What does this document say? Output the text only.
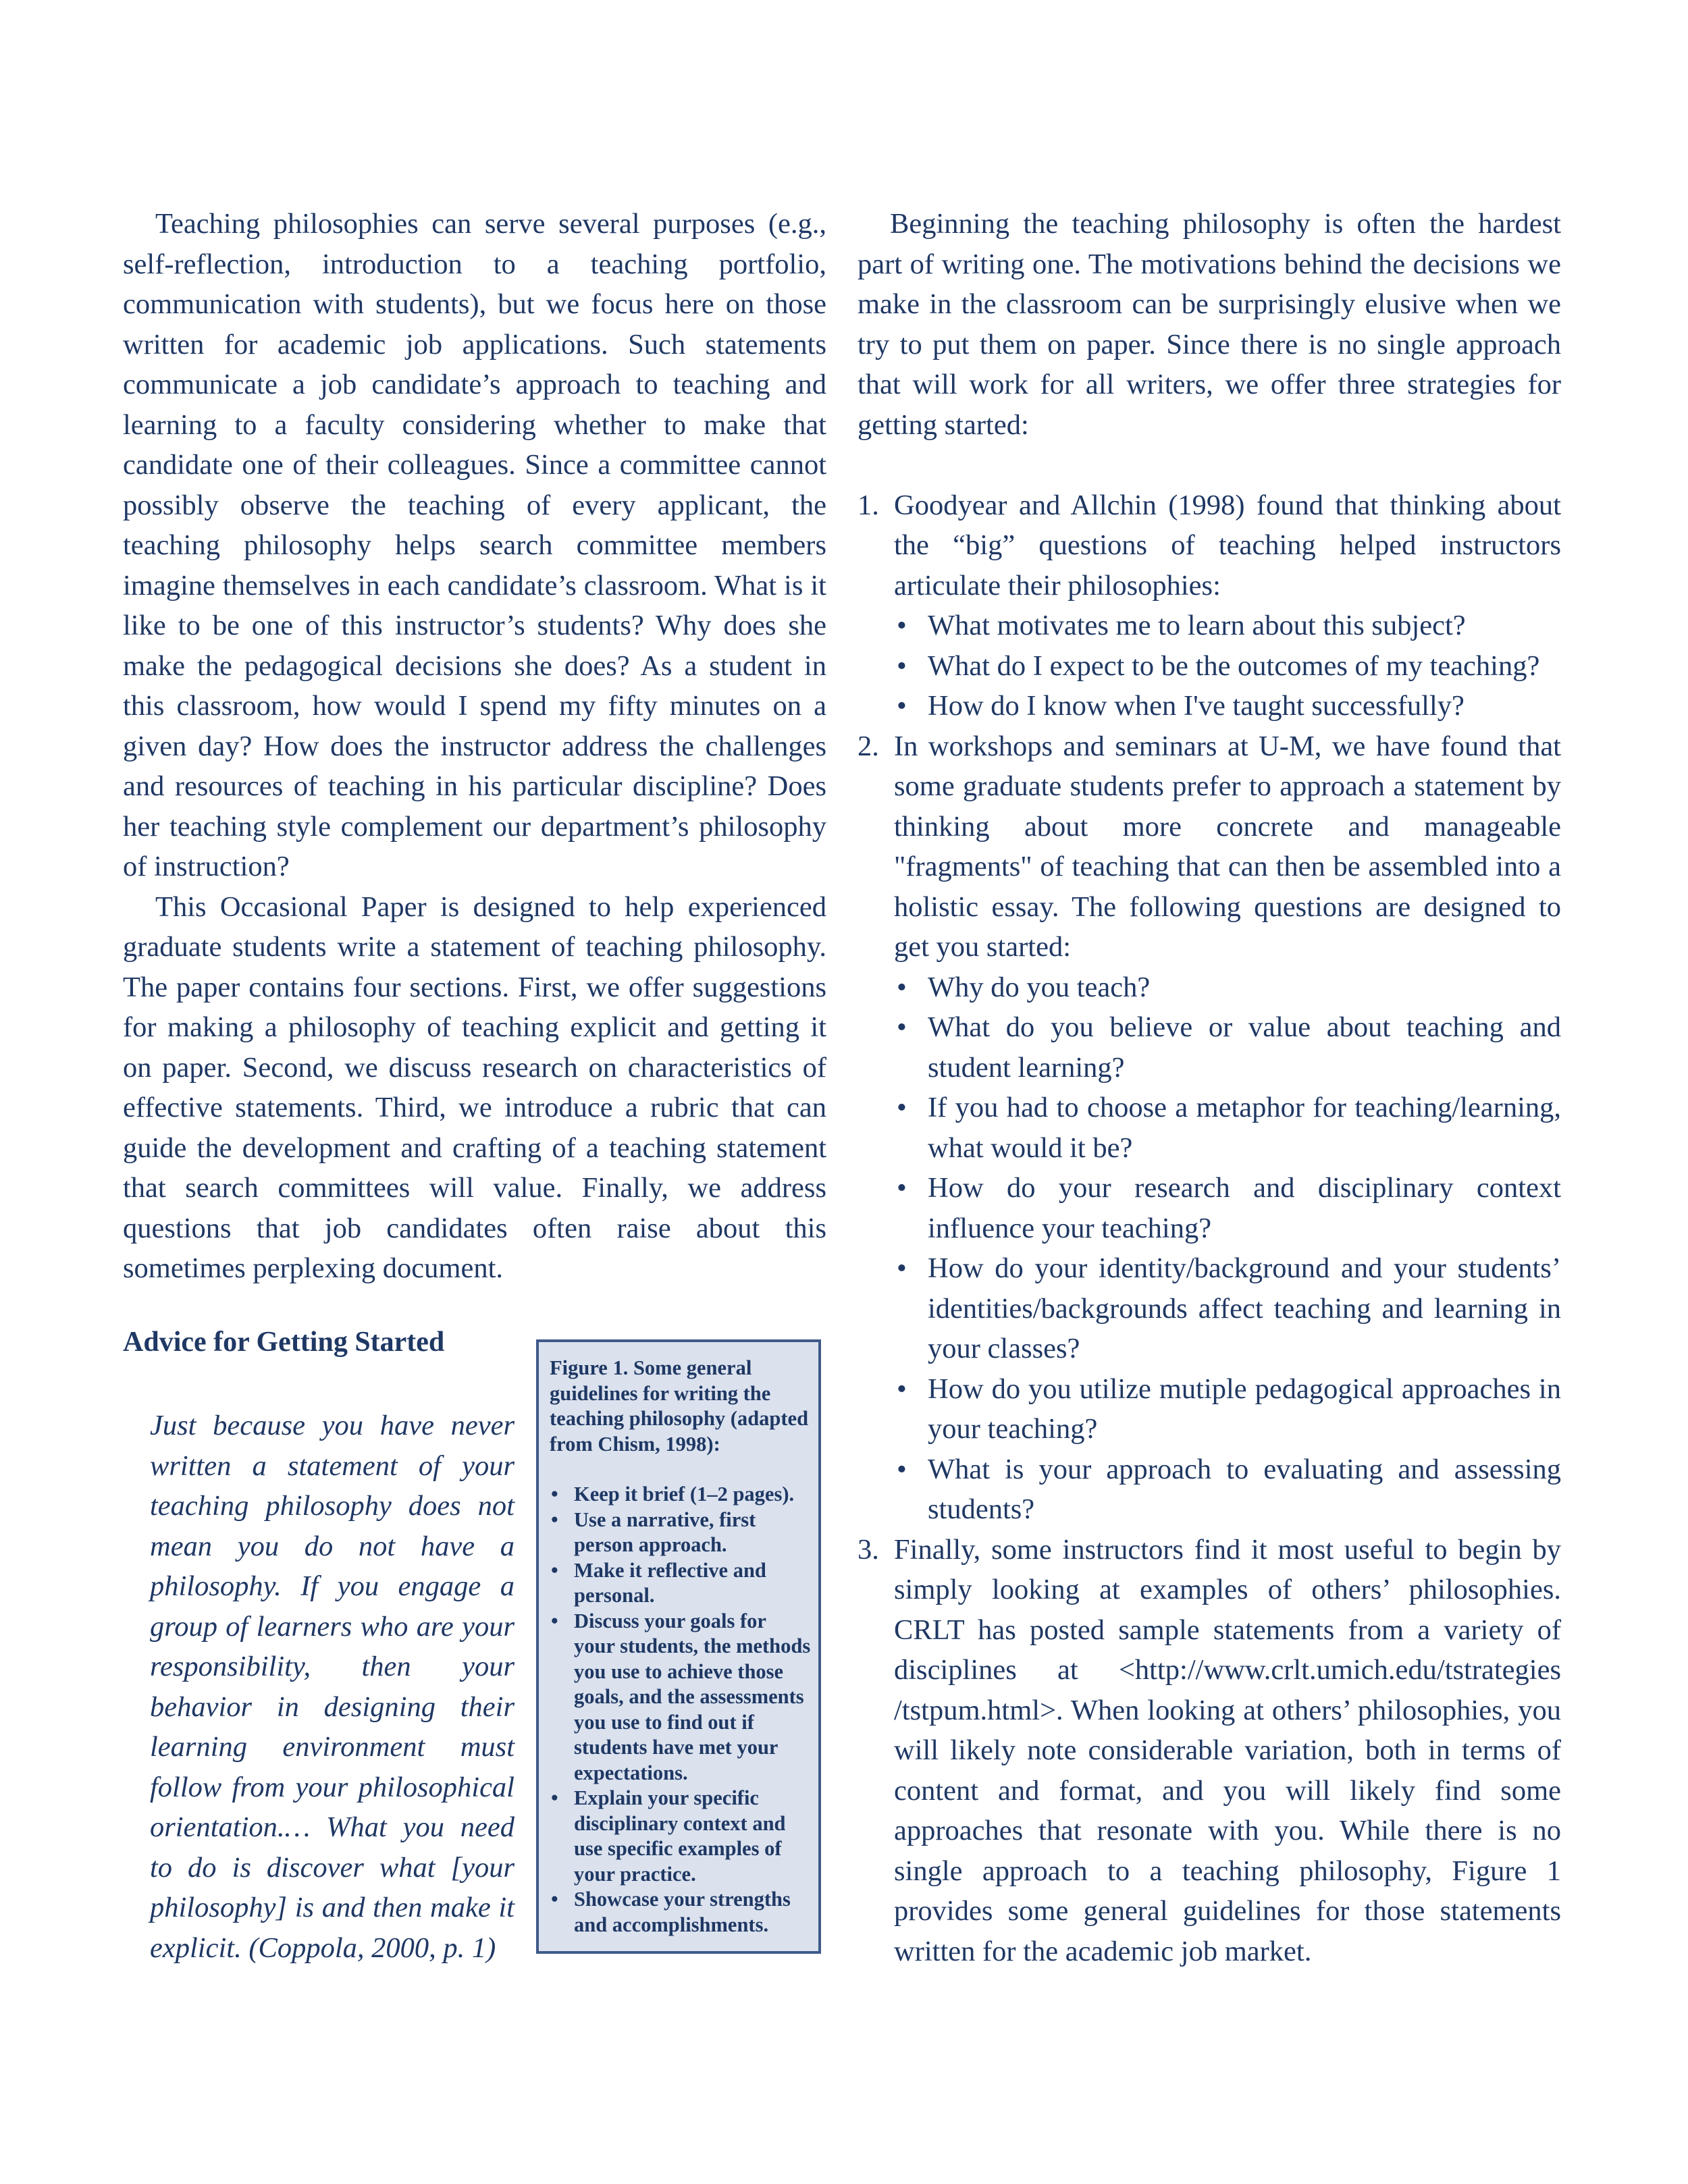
Teaching philosophies can serve several purposes (e.g., self-reflection, introduction to a teaching portfolio, communication with students), but we focus here on those written for academic job applications. Such statements communicate a job candidate’s approach to teaching and learning to a faculty considering whether to make that candidate one of their colleagues. Since a committee cannot possibly observe the teaching of every applicant, the teaching philosophy helps search committee members imagine themselves in each candidate’s classroom. What is it like to be one of this instructor’s students? Why does she make the pedagogical decisions she does? As a student in this classroom, how would I spend my fifty minutes on a given day? How does the instructor address the challenges and resources of teaching in his particular discipline? Does her teaching style complement our department’s philosophy of instruction?

This Occasional Paper is designed to help experienced graduate students write a statement of teaching philosophy. The paper contains four sections. First, we offer suggestions for making a philosophy of teaching explicit and getting it on paper. Second, we discuss research on characteristics of effective statements. Third, we introduce a rubric that can guide the development and crafting of a teaching statement that search committees will value. Finally, we address questions that job candidates often raise about this sometimes perplexing document.

Advice for Getting Started

Just because you have never written a statement of your teaching philosophy does not mean you do not have a philosophy. If you engage a group of learners who are your responsibility, then your behavior in designing their learning environment must follow from your philosophical orientation.… What you need to do is discover what [your philosophy] is and then make it explicit. (Coppola, 2000, p. 1)

Figure 1. Some general guidelines for writing the teaching philosophy (adapted from Chism, 1998):

• Keep it brief (1–2 pages).
• Use a narrative, first person approach.
• Make it reflective and personal.
• Discuss your goals for your students, the methods you use to achieve those goals, and the assessments you use to find out if students have met your expectations.
• Explain your specific disciplinary context and use specific examples of your practice.
• Showcase your strengths and accomplishments.

Beginning the teaching philosophy is often the hardest part of writing one. The motivations behind the decisions we make in the classroom can be surprisingly elusive when we try to put them on paper. Since there is no single approach that will work for all writers, we offer three strategies for getting started:

1. Goodyear and Allchin (1998) found that thinking about the “big” questions of teaching helped instructors articulate their philosophies:
• What motivates me to learn about this subject?
• What do I expect to be the outcomes of my teaching?
• How do I know when I've taught successfully?
2. In workshops and seminars at U-M, we have found that some graduate students prefer to approach a statement by thinking about more concrete and manageable "fragments" of teaching that can then be assembled into a holistic essay. The following questions are designed to get you started:
• Why do you teach?
• What do you believe or value about teaching and student learning?
• If you had to choose a metaphor for teaching/learning, what would it be?
• How do your research and disciplinary context influence your teaching?
• How do your identity/background and your students’ identities/backgrounds affect teaching and learning in your classes?
• How do you utilize mutiple pedagogical approaches in your teaching?
• What is your approach to evaluating and assessing students?
3. Finally, some instructors find it most useful to begin by simply looking at examples of others’ philosophies. CRLT has posted sample statements from a variety of disciplines at <http://www.crlt.umich.edu/tstrategies /tstpum.html>. When looking at others’ philosophies, you will likely note considerable variation, both in terms of content and format, and you will likely find some approaches that resonate with you. While there is no single approach to a teaching philosophy, Figure 1 provides some general guidelines for those statements written for the academic job market.
